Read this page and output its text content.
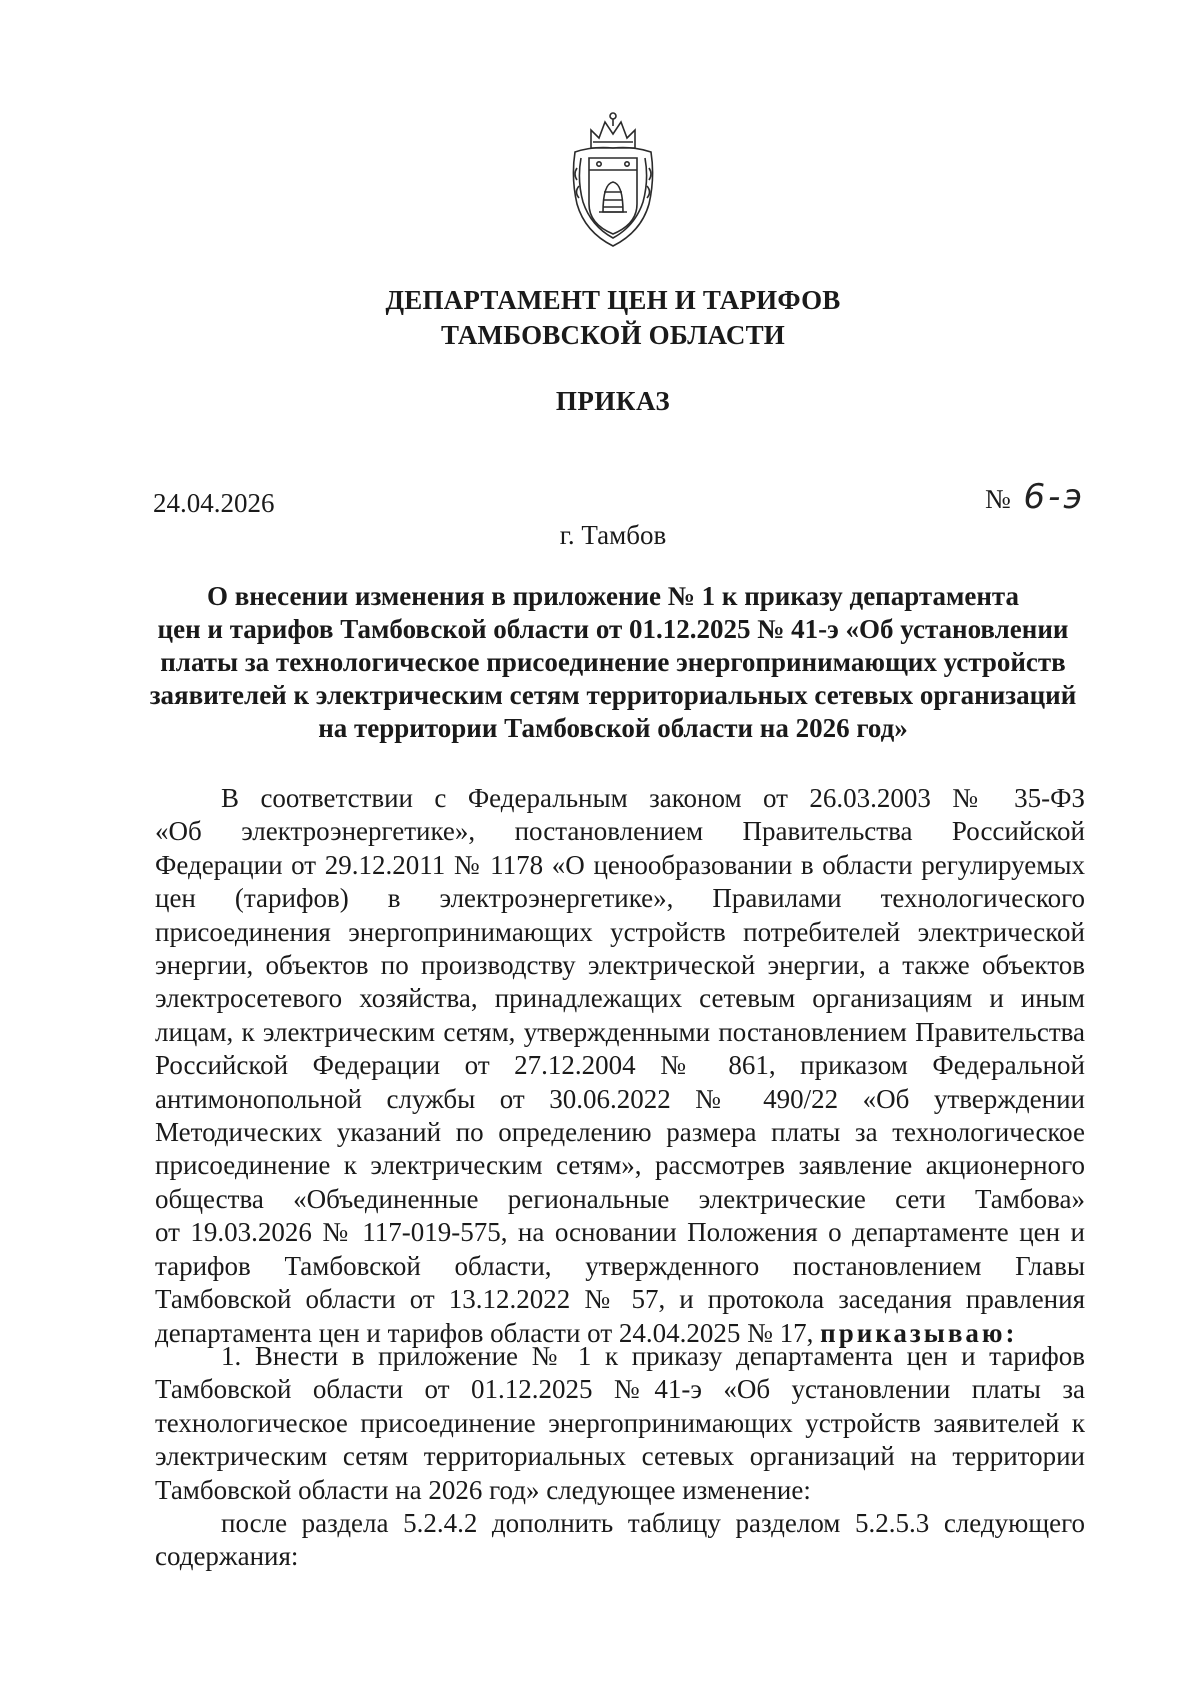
ДЕПАРТАМЕНТ ЦЕН И ТАРИФОВ
ТАМБОВСКОЙ ОБЛАСТИ
ПРИКАЗ
24.04.2026	№ 6-э
г. Тамбов
О внесении изменения в приложение № 1 к приказу департамента
цен и тарифов Тамбовской области от 01.12.2025 № 41-э «Об установлении
платы за технологическое присоединение энергопринимающих устройств
заявителей к электрическим сетям территориальных сетевых организаций
на территории Тамбовской области на 2026 год»
В соответствии с Федеральным законом от 26.03.2003 № 35-ФЗ
«Об электроэнергетике», постановлением Правительства Российской
Федерации от 29.12.2011 № 1178 «О ценообразовании в области регулируемых
цен (тарифов) в электроэнергетике», Правилами технологического
присоединения энергопринимающих устройств потребителей электрической
энергии, объектов по производству электрической энергии, а также объектов
электросетевого хозяйства, принадлежащих сетевым организациям и иным
лицам, к электрическим сетям, утвержденными постановлением Правительства
Российской Федерации от 27.12.2004 № 861, приказом Федеральной
антимонопольной службы от 30.06.2022 № 490/22 «Об утверждении
Методических указаний по определению размера платы за технологическое
присоединение к электрическим сетям», рассмотрев заявление акционерного
общества «Объединенные региональные электрические сети Тамбова»
от 19.03.2026 № 117-019-575, на основании Положения о департаменте цен и
тарифов Тамбовской области, утвержденного постановлением Главы
Тамбовской области от 13.12.2022 № 57, и протокола заседания правления
департамента цен и тарифов области от 24.04.2025 № 17, приказываю:
1. Внести в приложение № 1 к приказу департамента цен и тарифов
Тамбовской области от 01.12.2025 №41-э «Об установлении платы за
технологическое присоединение энергопринимающих устройств заявителей к
электрическим сетям территориальных сетевых организаций на территории
Тамбовской области на 2026 год» следующее изменение:
после раздела 5.2.4.2 дополнить таблицу разделом 5.2.5.3 следующего
содержания:
